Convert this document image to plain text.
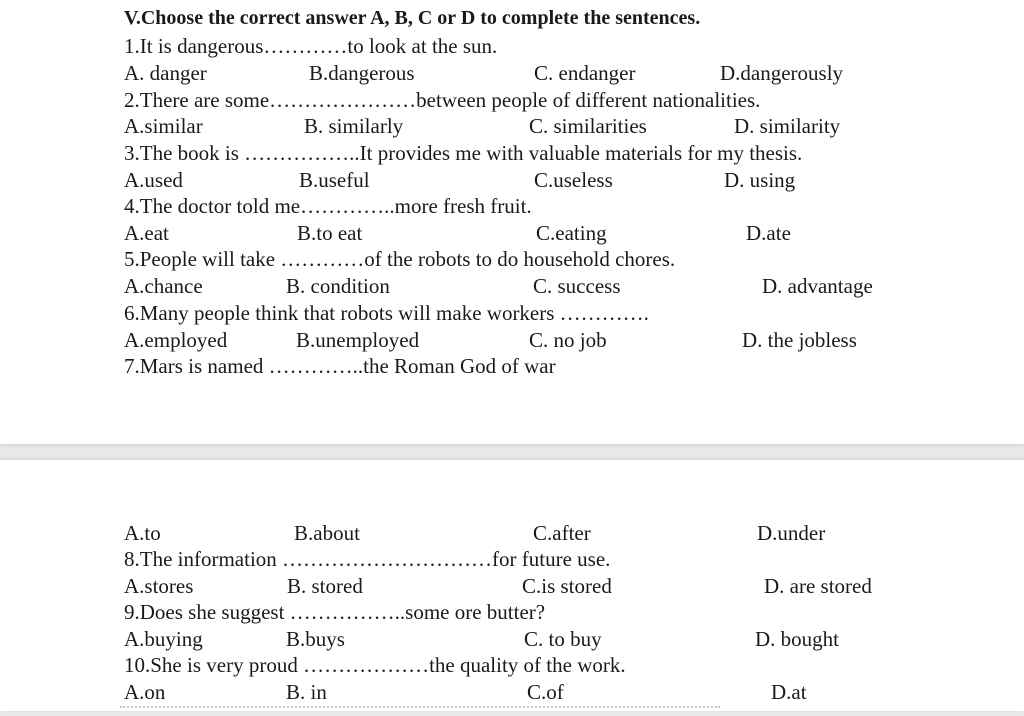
V.Choose the correct answer A, B, C or D to complete the sentences.
1.It is dangerous…………to look at the sun.
A. danger	B.dangerous	C. endanger	D.dangerously
2.There are some…………………between people of different nationalities.
A.similar	B. similarly	C. similarities	D. similarity
3.The book is ……………..It provides me with valuable materials for my thesis.
A.used	B.useful	C.useless	D. using
4.The doctor told me…………..more fresh fruit.
A.eat	B.to eat	C.eating	D.ate
5.People will take …………of the robots to do household chores.
A.chance	B. condition	C. success	D. advantage
6.Many people think that robots will make workers ………….
A.employed	B.unemployed	C. no job	D. the jobless
7.Mars is named …………..the Roman God of war
A.to	B.about	C.after	D.under
8.The information …………………………for future use.
A.stores	B. stored	C.is stored	D. are stored
9.Does she suggest ……………..some ore butter?
A.buying	B.buys	C. to buy	D. bought
10.She is very proud ………………the quality of the work.
A.on	B. in	C.of	D.at
